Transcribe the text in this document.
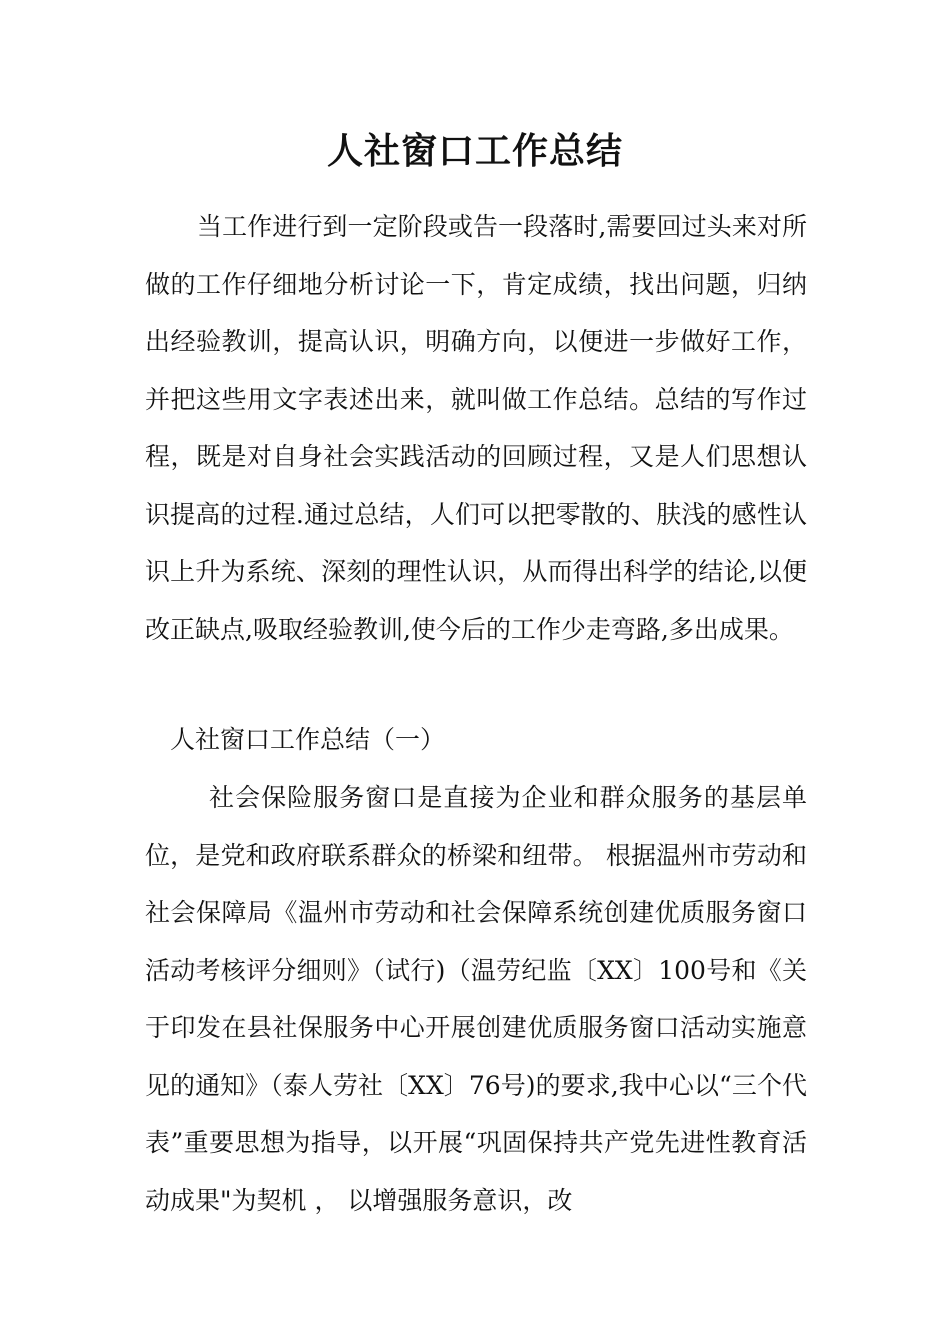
人社窗口工作总结

当工作进行到一定阶段或告一段落时,需要回过头来对所做的工作仔细地分析讨论一下，肯定成绩，找出问题，归纳出经验教训，提高认识，明确方向，以便进一步做好工作，并把这些用文字表述出来，就叫做工作总结。总结的写作过程，既是对自身社会实践活动的回顾过程，又是人们思想认识提高的过程.通过总结，人们可以把零散的、肤浅的感性认识上升为系统、深刻的理性认识，从而得出科学的结论,以便改正缺点,吸取经验教训,使今后的工作少走弯路,多出成果。

人社窗口工作总结（一）

社会保险服务窗口是直接为企业和群众服务的基层单位，是党和政府联系群众的桥梁和纽带。 根据温州市劳动和社会保障局《温州市劳动和社会保障系统创建优质服务窗口活动考核评分细则》（试行)（温劳纪监〔XX〕100号和《关于印发在县社保服务中心开展创建优质服务窗口活动实施意见的通知》（泰人劳社〔XX〕76号)的要求,我中心以“三个代表”重要思想为指导，以开展“巩固保持共产党先进性教育活动成果"为契机 ， 以增强服务意识，改
